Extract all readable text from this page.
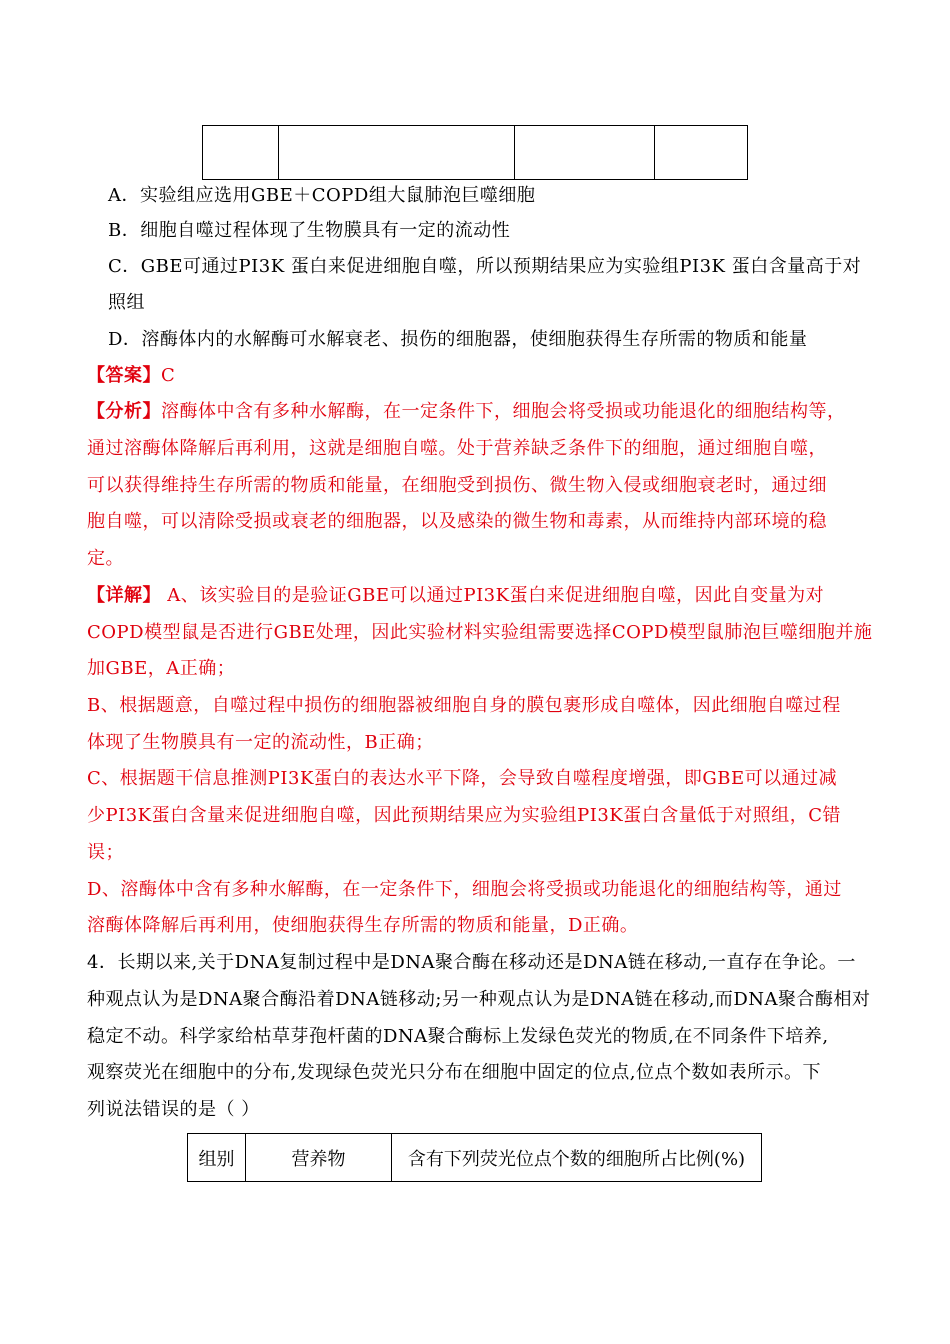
A．实验组应选用GBE＋COPD组大鼠肺泡巨噬细胞
B．细胞自噬过程体现了生物膜具有一定的流动性
C．GBE可通过PI3K 蛋白来促进细胞自噬，所以预期结果应为实验组PI3K 蛋白含量高于对
照组
D．溶酶体内的水解酶可水解衰老、损伤的细胞器，使细胞获得生存所需的物质和能量
【答案】C
【分析】溶酶体中含有多种水解酶，在一定条件下，细胞会将受损或功能退化的细胞结构等，
通过溶酶体降解后再利用，这就是细胞自噬。处于营养缺乏条件下的细胞，通过细胞自噬，
可以获得维持生存所需的物质和能量，在细胞受到损伤、微生物入侵或细胞衰老时，通过细
胞自噬，可以清除受损或衰老的细胞器，以及感染的微生物和毒素，从而维持内部环境的稳
定。
【详解】 A、该实验目的是验证GBE可以通过PI3K蛋白来促进细胞自噬，因此自变量为对
COPD模型鼠是否进行GBE处理，因此实验材料实验组需要选择COPD模型鼠肺泡巨噬细胞并施
加GBE，A正确；
B、根据题意，自噬过程中损伤的细胞器被细胞自身的膜包裹形成自噬体，因此细胞自噬过程
体现了生物膜具有一定的流动性，B正确；
C、根据题干信息推测PI3K蛋白的表达水平下降，会导致自噬程度增强，即GBE可以通过减
少PI3K蛋白含量来促进细胞自噬，因此预期结果应为实验组PI3K蛋白含量低于对照组，C错
误；
D、溶酶体中含有多种水解酶，在一定条件下，细胞会将受损或功能退化的细胞结构等，通过
溶酶体降解后再利用，使细胞获得生存所需的物质和能量，D正确。
4．长期以来,关于DNA复制过程中是DNA聚合酶在移动还是DNA链在移动,一直存在争论。一
种观点认为是DNA聚合酶沿着DNA链移动;另一种观点认为是DNA链在移动,而DNA聚合酶相对
稳定不动。科学家给枯草芽孢杆菌的DNA聚合酶标上发绿色荧光的物质,在不同条件下培养,
观察荧光在细胞中的分布,发现绿色荧光只分布在细胞中固定的位点,位点个数如表所示。下
列说法错误的是（ ）
组别	营养物	含有下列荧光位点个数的细胞所占比例(%)
